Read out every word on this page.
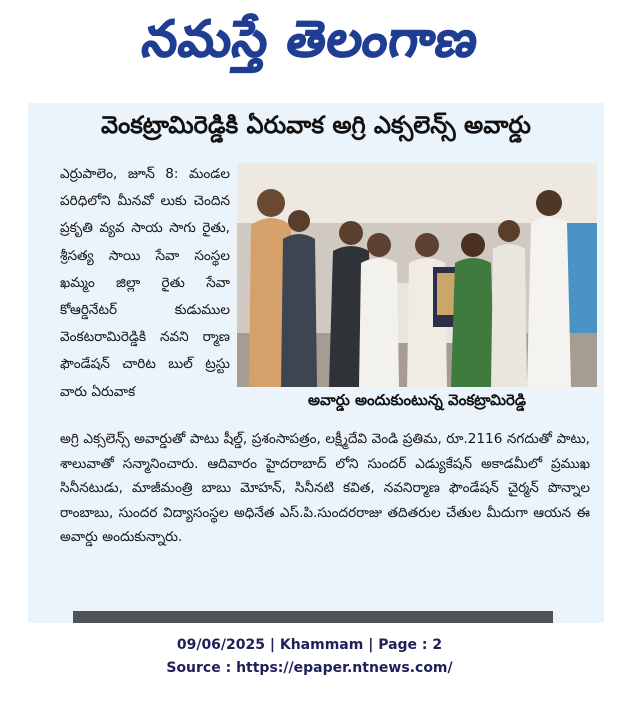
నమస్తే తెలంగాణ
వెంకట్రామిరెడ్డికి ఏరువాక అగ్రి ఎక్సలెన్స్ అవార్డు
ఎర్రుపాలెం, జూన్ 8: మండల పరిధిలోని మీనవో లుకు చెందిన ప్రకృతి వ్యవ సాయ సాగు రైతు, శ్రీసత్య సాయి సేవా సంస్థల ఖమ్మం జిల్లా రైతు సేవా కోఆర్డినేటర్ కుడుముల వెంకటరామిరెడ్డికి నవని ర్మాణ ఫౌండేషన్ చారిట బుల్ ట్రస్టు వారు ఏరువాక	అవార్డు అందుకుంటున్న వెంకట్రామిరెడ్డి
అగ్రి ఎక్సలెన్స్ అవార్డుతో పాటు షీల్డ్, ప్రశంసాపత్రం, లక్ష్మీదేవి వెండి ప్రతిమ, రూ.2116 నగదుతో పాటు, శాలువాతో సన్మానించారు. ఆదివారం హైదరాబాద్ లోని సుందర్ ఎడ్యుకేషన్ అకాడమీలో ప్రముఖ సినీనటుడు, మాజీమంత్రి బాబు మోహన్, సినీనటి కవిత, నవనిర్మాణ ఫౌండేషన్ చైర్మన్ పొన్నాల రాంబాబు, సుందర విద్యాసంస్థల అధినేత ఎస్.పి.సుందరరాజు తదితరుల చేతుల మీదుగా ఆయన ఈ అవార్డు అందుకున్నారు.
09/06/2025 | Khammam | Page : 2
Source : https://epaper.ntnews.com/
